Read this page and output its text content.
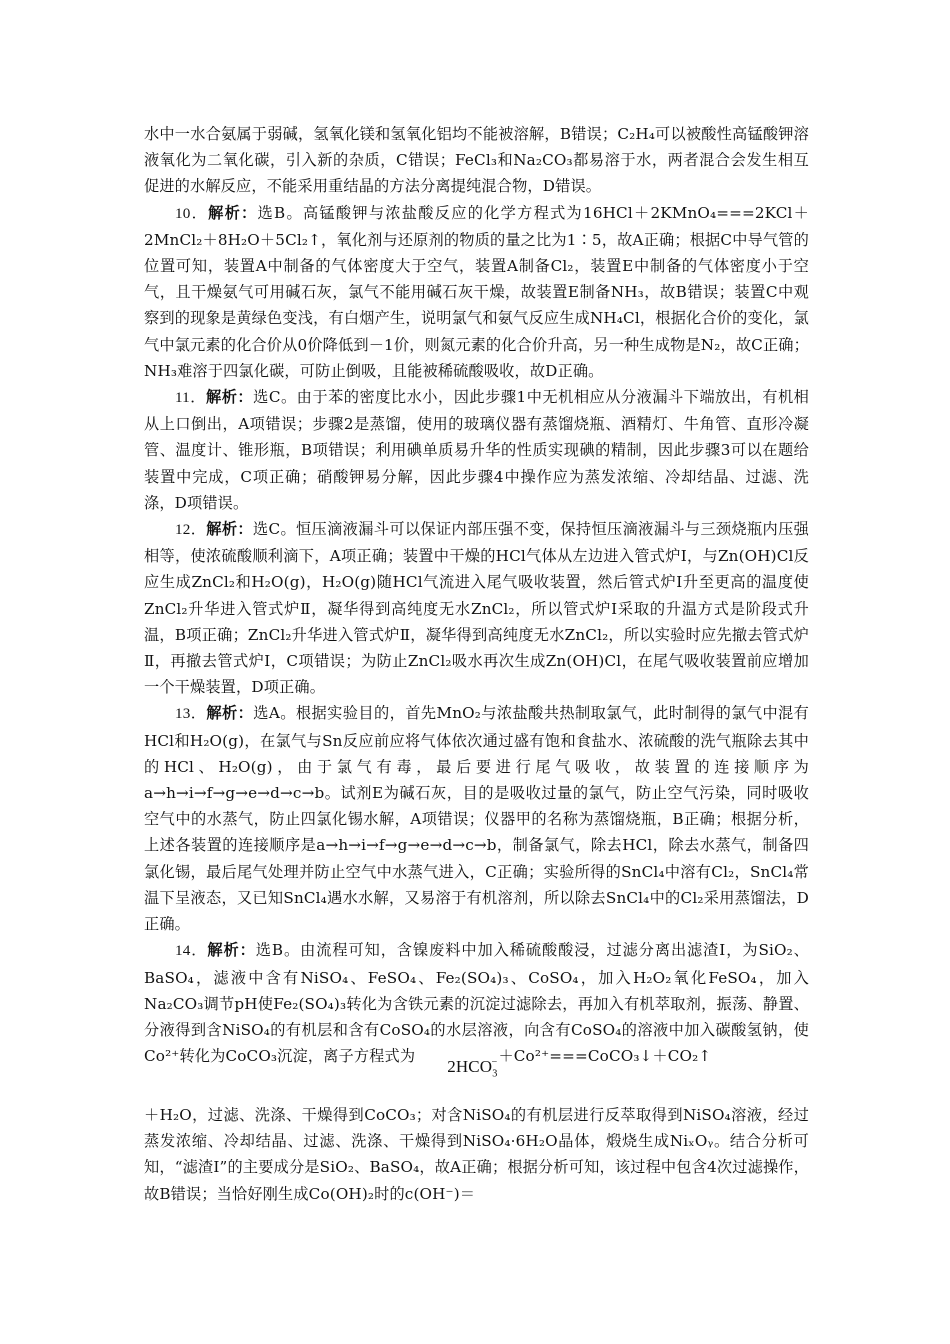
水中一水合氨属于弱碱，氢氧化镁和氢氧化铝均不能被溶解，B错误；C₂H₄可以被酸性高锰酸钾溶液氧化为二氧化碳，引入新的杂质，C错误；FeCl₃和Na₂CO₃都易溶于水，两者混合会发生相互促进的水解反应，不能采用重结晶的方法分离提纯混合物，D错误。

10．解析：选B。高锰酸钾与浓盐酸反应的化学方程式为16HCl＋2KMnO₄===2KCl＋2MnCl₂＋8H₂O＋5Cl₂↑，氧化剂与还原剂的物质的量之比为1∶5，故A正确；根据C中导气管的位置可知，装置A中制备的气体密度大于空气，装置A制备Cl₂，装置E中制备的气体密度小于空气，且干燥氨气可用碱石灰，氯气不能用碱石灰干燥，故装置E制备NH₃，故B错误；装置C中观察到的现象是黄绿色变浅，有白烟产生，说明氯气和氨气反应生成NH₄Cl，根据化合价的变化，氯气中氯元素的化合价从0价降低到－1价，则氮元素的化合价升高，另一种生成物是N₂，故C正确；NH₃难溶于四氯化碳，可防止倒吸，且能被稀硫酸吸收，故D正确。

11．解析：选C。由于苯的密度比水小，因此步骤1中无机相应从分液漏斗下端放出，有机相从上口倒出，A项错误；步骤2是蒸馏，使用的玻璃仪器有蒸馏烧瓶、酒精灯、牛角管、直形冷凝管、温度计、锥形瓶，B项错误；利用碘单质易升华的性质实现碘的精制，因此步骤3可以在题给装置中完成，C项正确；硝酸钾易分解，因此步骤4中操作应为蒸发浓缩、冷却结晶、过滤、洗涤，D项错误。

12．解析：选C。恒压滴液漏斗可以保证内部压强不变，保持恒压滴液漏斗与三颈烧瓶内压强相等，使浓硫酸顺利滴下，A项正确；装置中干燥的HCl气体从左边进入管式炉Ⅰ，与Zn(OH)Cl反应生成ZnCl₂和H₂O(g)，H₂O(g)随HCl气流进入尾气吸收装置，然后管式炉Ⅰ升至更高的温度使ZnCl₂升华进入管式炉Ⅱ，凝华得到高纯度无水ZnCl₂，所以管式炉Ⅰ采取的升温方式是阶段式升温，B项正确；ZnCl₂升华进入管式炉Ⅱ，凝华得到高纯度无水ZnCl₂，所以实验时应先撤去管式炉Ⅱ，再撤去管式炉Ⅰ，C项错误；为防止ZnCl₂吸水再次生成Zn(OH)Cl，在尾气吸收装置前应增加一个干燥装置，D项正确。

13．解析：选A。根据实验目的，首先MnO₂与浓盐酸共热制取氯气，此时制得的氯气中混有HCl和H₂O(g)，在氯气与Sn反应前应将气体依次通过盛有饱和食盐水、浓硫酸的洗气瓶除去其中的HCl、H₂O(g)，由于氯气有毒，最后要进行尾气吸收，故装置的连接顺序为a→h→i→f→g→e→d→c→b。试剂E为碱石灰，目的是吸收过量的氯气，防止空气污染，同时吸收空气中的水蒸气，防止四氯化锡水解，A项错误；仪器甲的名称为蒸馏烧瓶，B正确；根据分析，上述各装置的连接顺序是a→h→i→f→g→e→d→c→b，制备氯气，除去HCl，除去水蒸气，制备四氯化锡，最后尾气处理并防止空气中水蒸气进入，C正确；实验所得的SnCl₄中溶有Cl₂，SnCl₄常温下呈液态，又已知SnCl₄遇水水解，又易溶于有机溶剂，所以除去SnCl₄中的Cl₂采用蒸馏法，D正确。

14．解析：选B。由流程可知，含镍废料中加入稀硫酸酸浸，过滤分离出滤渣Ⅰ，为SiO₂、BaSO₄，滤液中含有NiSO₄、FeSO₄、Fe₂(SO₄)₃、CoSO₄，加入H₂O₂氧化FeSO₄，加入Na₂CO₃调节pH使Fe₂(SO₄)₃转化为含铁元素的沉淀过滤除去，再加入有机萃取剂，振荡、静置、分液得到含NiSO₄的有机层和含有CoSO₄的水层溶液，向含有CoSO₄的溶液中加入碳酸氢钠，使Co²⁺转化为CoCO₃沉淀，离子方程式为$2HCO_3$
− ＋Co²⁺===CoCO₃↓＋CO₂↑
＋H₂O，过滤、洗涤、干燥得到CoCO₃；对含NiSO₄的有机层进行反萃取得到NiSO₄溶液，经过蒸发浓缩、冷却结晶、过滤、洗涤、干燥得到NiSO₄·6H₂O晶体，煅烧生成NiₓOᵧ。结合分析可知，“滤渣Ⅰ”的主要成分是SiO₂、BaSO₄，故A正确；根据分析可知，该过程中包含4次过滤操作，故B错误；当恰好刚生成Co(OH)₂时的c(OH⁻)＝
